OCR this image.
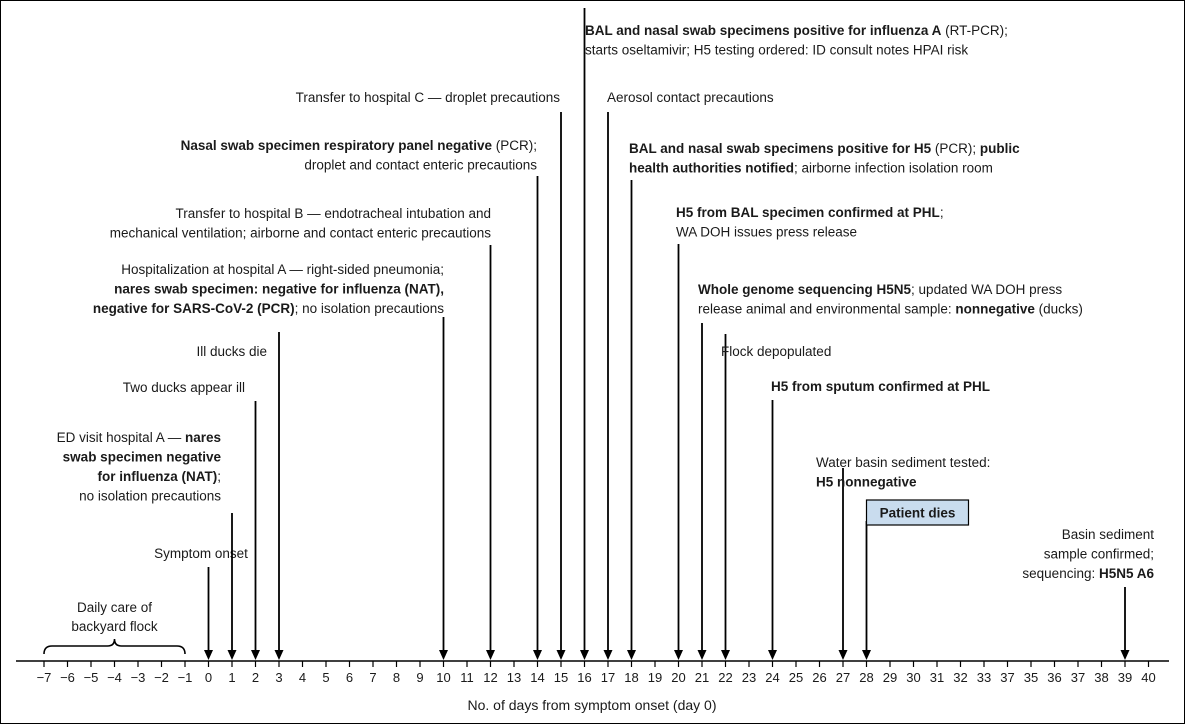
−7 −6 −5 −4 −3 −2 −1 0 1 2 3 4 5 6 7 8 9 10 11 12 13 14 15 16 17 18 19 20 21 22 23 24 25 26 27 28 29 30 31 32 33 37 35 36 37 38 39 40
Daily care of
backyard flock
Symptom onset
ED visit hospital A — nares
swab specimen negative
for influenza (NAT);
no isolation precautions
Two ducks appear ill
Ill ducks die
Hospitalization at hospital A — right-sided pneumonia;
nares swab specimen: negative for influenza (NAT),
negative for SARS-CoV-2 (PCR); no isolation precautions
Transfer to hospital B — endotracheal intubation and
mechanical ventilation; airborne and contact enteric precautions
Nasal swab specimen respiratory panel negative (PCR);
droplet and contact enteric precautions
Transfer to hospital C — droplet precautions
BAL and nasal swab specimens positive for influenza A (RT-PCR);
starts oseltamivir; H5 testing ordered: ID consult notes HPAI risk
Aerosol contact precautions
BAL and nasal swab specimens positive for H5 (PCR); public
health authorities notified; airborne infection isolation room
H5 from BAL specimen confirmed at PHL;
WA DOH issues press release
Whole genome sequencing H5N5; updated WA DOH press
release animal and environmental sample: nonnegative (ducks)
Flock depopulated
H5 from sputum confirmed at PHL
Water basin sediment tested:
H5 nonnegative
Basin sediment
sample confirmed;
sequencing: H5N5 A6
Patient dies
No. of days from symptom onset (day 0)
